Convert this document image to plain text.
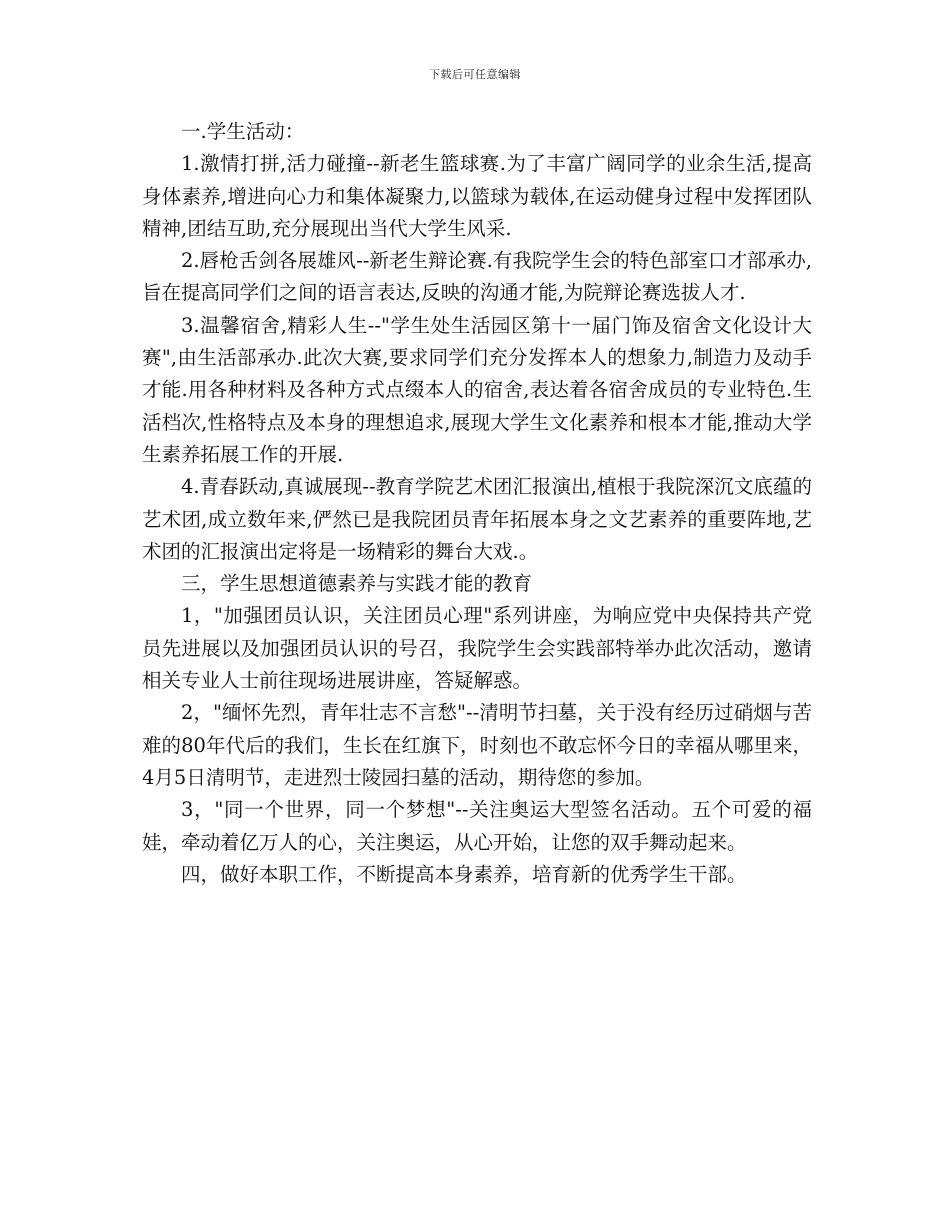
下载后可任意编辑

一.学生活动：

1.激情打拼,活力碰撞--新老生篮球赛.为了丰富广阔同学的业余生活,提高身体素养,增进向心力和集体凝聚力,以篮球为载体,在运动健身过程中发挥团队精神,团结互助,充分展现出当代大学生风采.

2.唇枪舌剑各展雄风--新老生辩论赛.有我院学生会的特色部室口才部承办,旨在提高同学们之间的语言表达,反映的沟通才能,为院辩论赛选拔人才.

3.温馨宿舍,精彩人生--"学生处生活园区第十一届门饰及宿舍文化设计大赛",由生活部承办.此次大赛,要求同学们充分发挥本人的想象力,制造力及动手才能.用各种材料及各种方式点缀本人的宿舍,表达着各宿舍成员的专业特色.生活档次,性格特点及本身的理想追求,展现大学生文化素养和根本才能,推动大学生素养拓展工作的开展.

4.青春跃动,真诚展现--教育学院艺术团汇报演出,植根于我院深沉文底蕴的艺术团,成立数年来,俨然已是我院团员青年拓展本身之文艺素养的重要阵地,艺术团的汇报演出定将是一场精彩的舞台大戏.。

三，学生思想道德素养与实践才能的教育

1，"加强团员认识，关注团员心理"系列讲座，为响应党中央保持共产党员先进展以及加强团员认识的号召，我院学生会实践部特举办此次活动，邀请相关专业人士前往现场进展讲座，答疑解惑。

2，"缅怀先烈，青年壮志不言愁"--清明节扫墓，关于没有经历过硝烟与苦难的80年代后的我们，生长在红旗下，时刻也不敢忘怀今日的幸福从哪里来，4月5日清明节，走进烈士陵园扫墓的活动，期待您的参加。

3，"同一个世界，同一个梦想"--关注奥运大型签名活动。五个可爱的福娃，牵动着亿万人的心，关注奥运，从心开始，让您的双手舞动起来。

四，做好本职工作，不断提高本身素养，培育新的优秀学生干部。
